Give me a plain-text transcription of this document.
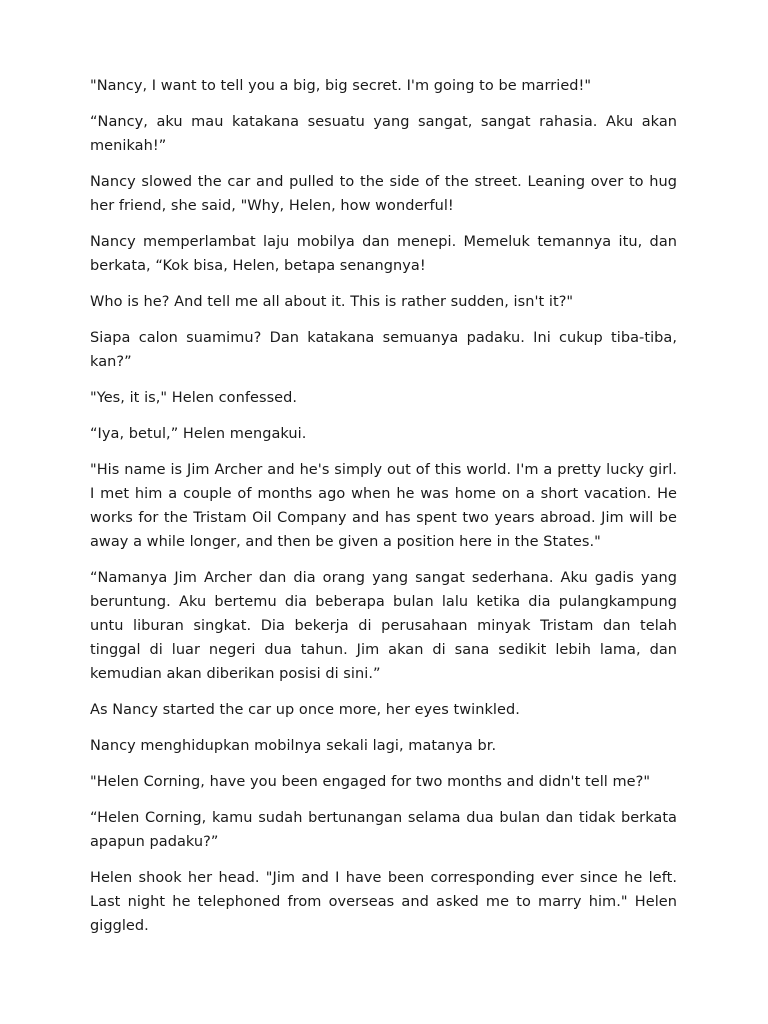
"Nancy, I want to tell you a big, big secret. I'm going to be married!"

“Nancy, aku mau katakana sesuatu yang sangat, sangat rahasia. Aku akan menikah!”

Nancy slowed the car and pulled to the side of the street. Leaning over to hug her friend, she said, "Why, Helen, how wonderful!

Nancy memperlambat laju mobilya dan menepi. Memeluk temannya itu, dan berkata, “Kok bisa, Helen, betapa senangnya!

Who is he? And tell me all about it. This is rather sudden, isn't it?"

Siapa calon suamimu? Dan katakana semuanya padaku. Ini cukup tiba-tiba, kan?”

"Yes, it is," Helen confessed.

“Iya, betul,” Helen mengakui.

"His name is Jim Archer and he's simply out of this world. I'm a pretty lucky girl. I met him a couple of months ago when he was home on a short vacation. He works for the Tristam Oil Company and has spent two years abroad. Jim will be away a while longer, and then be given a position here in the States."

“Namanya Jim Archer dan dia orang yang sangat sederhana. Aku gadis yang beruntung. Aku bertemu dia beberapa bulan lalu ketika dia pulangkampung untu liburan singkat. Dia bekerja di perusahaan minyak Tristam dan telah tinggal di luar negeri dua tahun. Jim akan di sana sedikit lebih lama, dan kemudian akan diberikan posisi di sini.”

As Nancy started the car up once more, her eyes twinkled.

Nancy menghidupkan mobilnya sekali lagi, matanya br.

"Helen Corning, have you been engaged for two months and didn't tell me?"

“Helen Corning, kamu sudah bertunangan selama dua bulan dan tidak berkata apapun padaku?”

Helen shook her head. "Jim and I have been corresponding ever since he left. Last night he telephoned from overseas and asked me to marry him." Helen giggled.
